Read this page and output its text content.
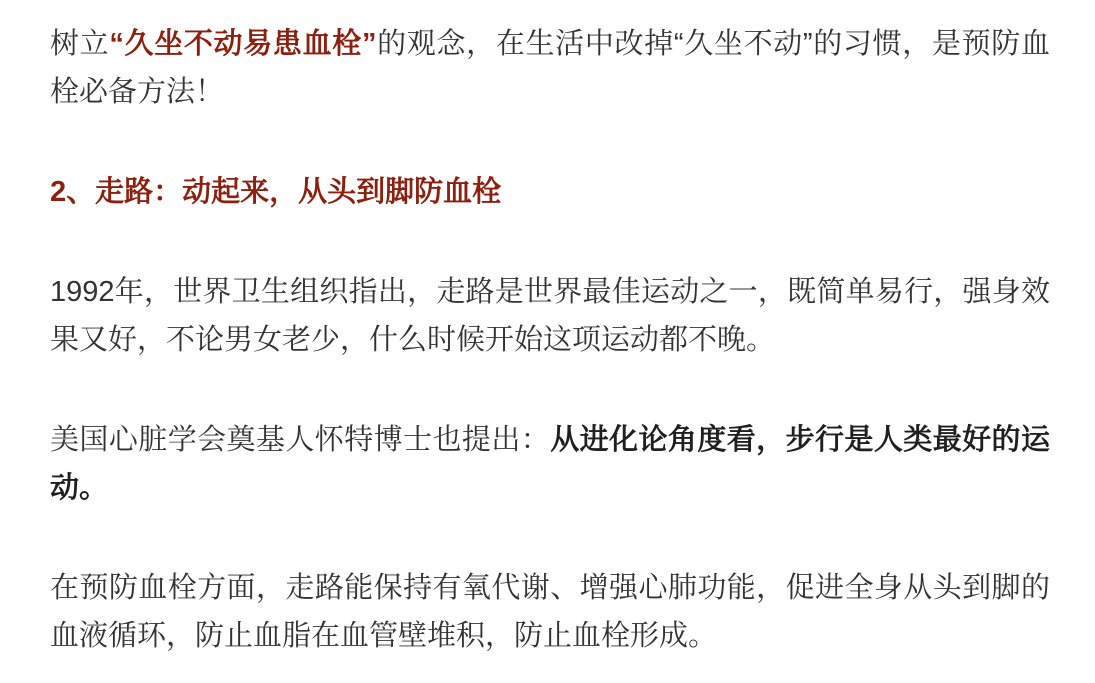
树立“久坐不动易患血栓”的观念，在生活中改掉“久坐不动”的习惯，是预防血栓必备方法！

2、走路：动起来，从头到脚防血栓

1992年，世界卫生组织指出，走路是世界最佳运动之一，既简单易行，强身效果又好，不论男女老少，什么时候开始这项运动都不晚。

美国心脏学会奠基人怀特博士也提出：从进化论角度看，步行是人类最好的运动。

在预防血栓方面，走路能保持有氧代谢、增强心肺功能，促进全身从头到脚的血液循环，防止血脂在血管壁堆积，防止血栓形成。
